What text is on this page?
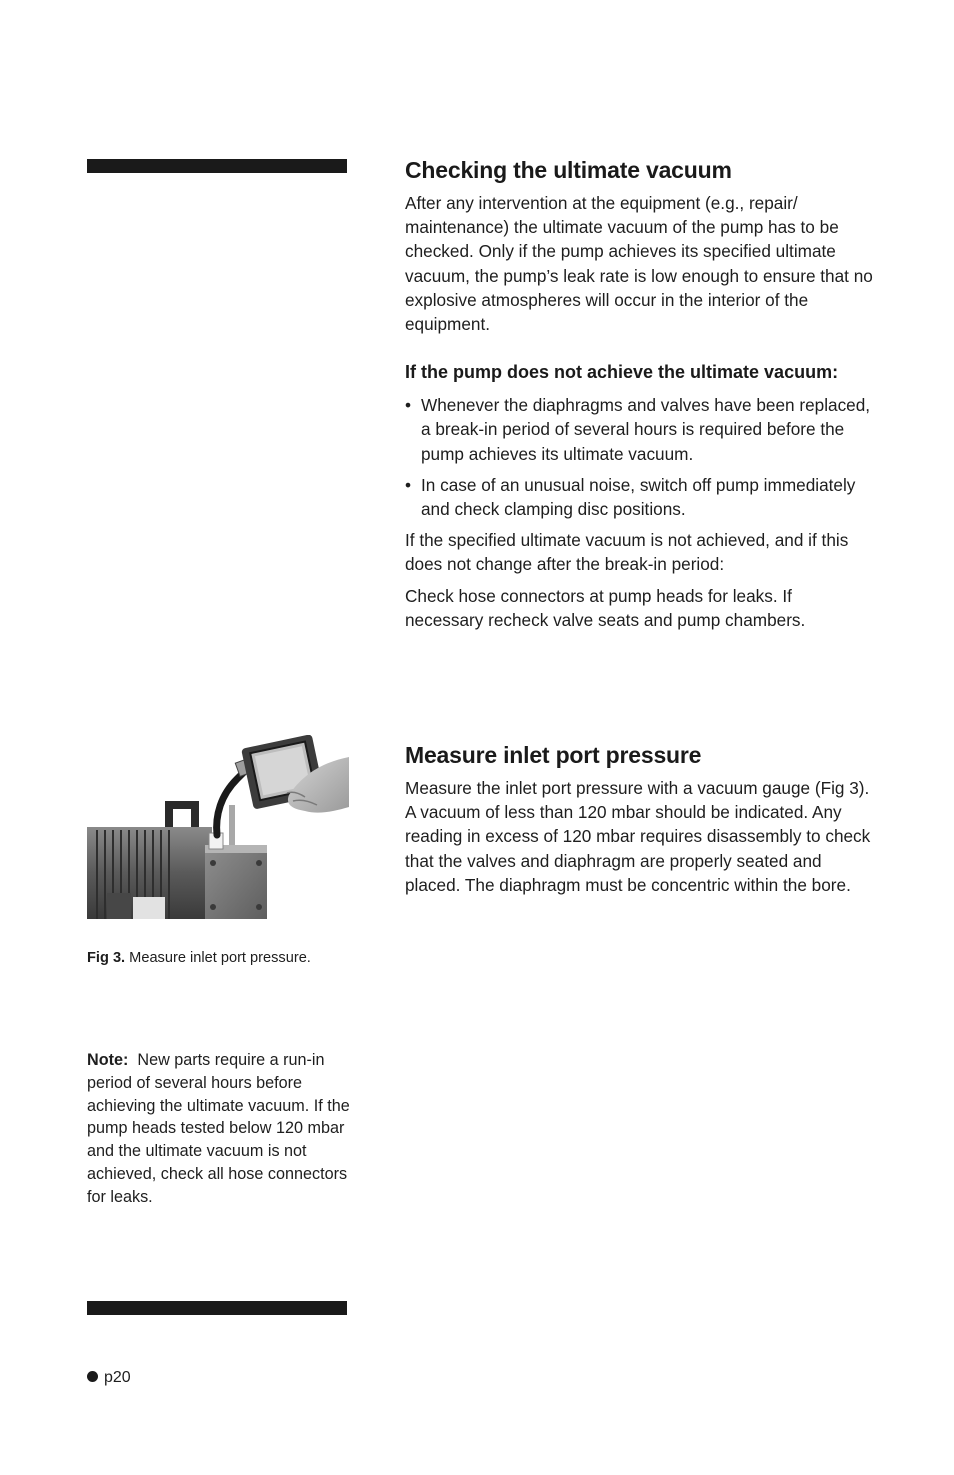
Checking the ultimate vacuum

After any intervention at the equipment (e.g., repair/ maintenance) the ultimate vacuum of the pump has to be checked. Only if the pump achieves its specified ultimate vacuum, the pump’s leak rate is low enough to ensure that no explosive atmospheres will occur in the interior of the equipment.

If the pump does not achieve the ultimate vacuum:
• Whenever the diaphragms and valves have been replaced, a break-in period of several hours is required before the pump achieves its ultimate vacuum.
• In case of an unusual noise, switch off pump immediately and check clamping disc positions.

If the specified ultimate vacuum is not achieved, and if this does not change after the break-in period:

Check hose connectors at pump heads for leaks. If necessary recheck valve seats and pump chambers.

Measure inlet port pressure

Measure the inlet port pressure with a vacuum gauge (Fig 3). A vacuum of less than 120 mbar should be indicated. Any reading in excess of 120 mbar requires disassembly to check that the valves and diaphragm are properly seated and placed. The diaphragm must be concentric within the bore.

Fig 3. Measure inlet port pressure.
Note: New parts require a run-in period of several hours before achieving the ultimate vacuum. If the pump heads tested below 120 mbar and the ultimate vacuum is not achieved, check all hose connectors for leaks.
p20
